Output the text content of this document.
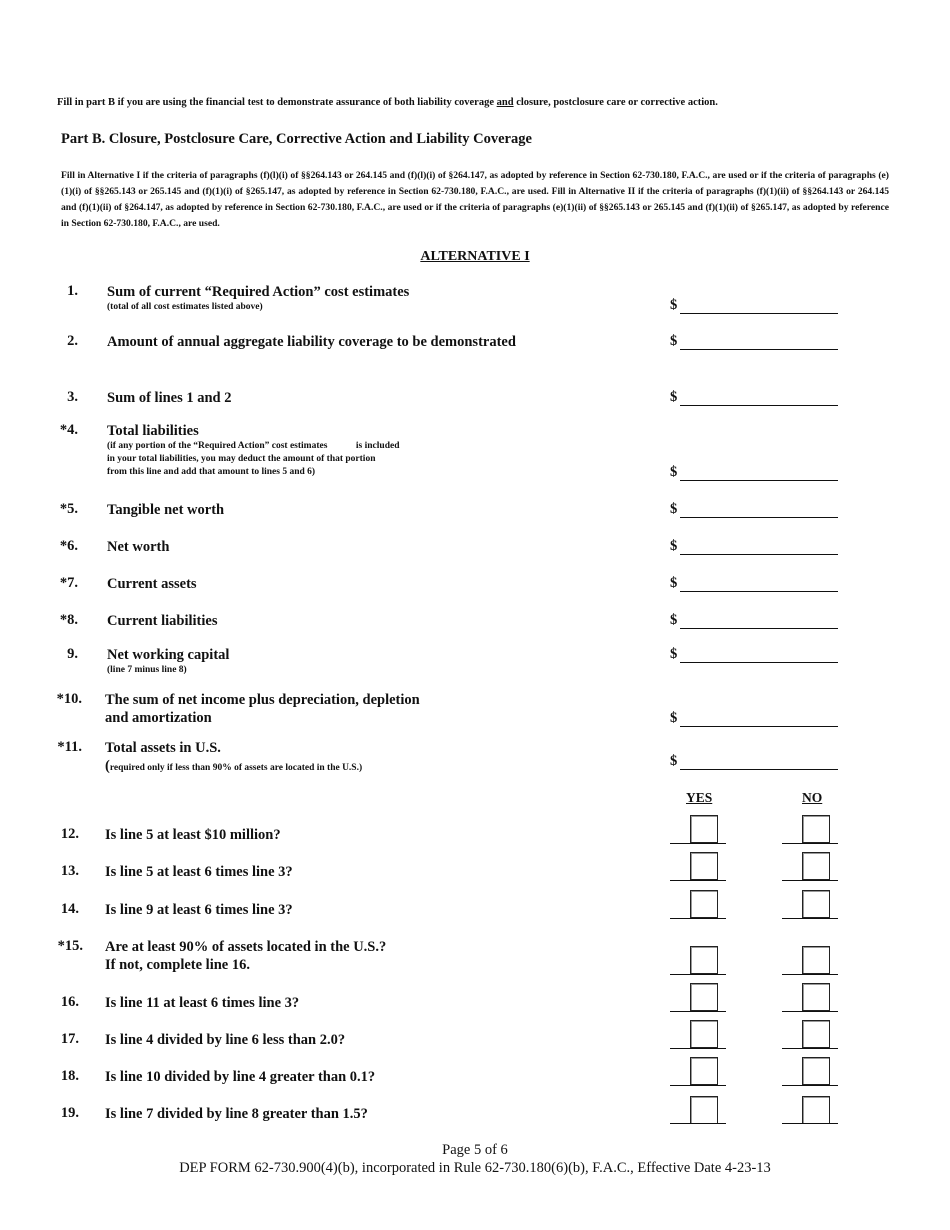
Fill in part B if you are using the financial test to demonstrate assurance of both liability coverage and closure, postclosure care or corrective action.
Part B. Closure, Postclosure Care, Corrective Action and Liability Coverage
Fill in Alternative I if the criteria of paragraphs (f)(l)(i) of §§264.143 or 264.145 and (f)(l)(i) of §264.147, as adopted by reference in Section 62-730.180, F.A.C., are used or if the criteria of paragraphs (e)(1)(i) of §§265.143 or 265.145 and (f)(1)(i) of §265.147, as adopted by reference in Section 62-730.180, F.A.C., are used. Fill in Alternative II if the criteria of paragraphs (f)(1)(ii) of §§264.143 or 264.145 and (f)(1)(ii) of §264.147, as adopted by reference in Section 62-730.180, F.A.C., are used or if the criteria of paragraphs (e)(1)(ii) of §§265.143 or 265.145 and (f)(1)(ii) of §265.147, as adopted by reference in Section 62-730.180, F.A.C., are used.
ALTERNATIVE I
1. Sum of current “Required Action” cost estimates
(total of all cost estimates listed above)	$
2. Amount of annual aggregate liability coverage to be demonstrated	$
3. Sum of lines 1 and 2	$
*4. Total liabilities
(if any portion of the “Required Action” cost estimates            is included
in your total liabilities, you may deduct the amount of that portion
from this line and add that amount to lines 5 and 6)	$
*5. Tangible net worth	$
*6. Net worth	$
*7. Current assets	$
*8. Current liabilities	$
9. Net working capital
(line 7 minus line 8)
$
*10. The sum of net income plus depreciation, depletion
and amortization	$
*11. Total assets in U.S.
(required only if less than 90% of assets are located in the U.S.)	$
YES	NO
12. Is line 5 at least $10 million?
13. Is line 5 at least 6 times line 3?
14. Is line 9 at least 6 times line 3?
*15. Are at least 90% of assets located in the U.S.?
If not, complete line 16.
16. Is line 11 at least 6 times line 3?
17. Is line 4 divided by line 6 less than 2.0?
18. Is line 10 divided by line 4 greater than 0.1?
19. Is line 7 divided by line 8 greater than 1.5?
Page 5 of 6
DEP FORM 62-730.900(4)(b), incorporated in Rule 62-730.180(6)(b), F.A.C., Effective Date 4-23-13
